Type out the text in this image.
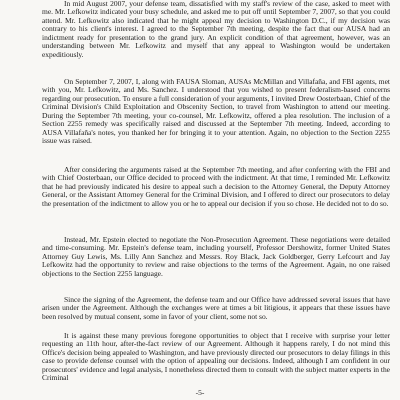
In mid August 2007, your defense team, dissatisfied with my staff's review of the case, asked to meet with me. Mr. Lefkowitz indicated your busy schedule, and asked me to put off until September 7, 2007, so that you could attend. Mr. Lefkowitz also indicated that he might appeal my decision to Washington D.C., if my decision was contrary to his client's interest. I agreed to the September 7th meeting, despite the fact that our AUSA had an indictment ready for presentation to the grand jury. An explicit condition of that agreement, however, was an understanding between Mr. Lefkowitz and myself that any appeal to Washington would be undertaken expeditiously.

On September 7, 2007, I, along with FAUSA Sloman, AUSAs McMillan and Villafaña, and FBI agents, met with you, Mr. Lefkowitz, and Ms. Sanchez. I understood that you wished to present federalism-based concerns regarding our prosecution. To ensure a full consideration of your arguments, I invited Drew Oosterbaan, Chief of the Criminal Division's Child Exploitation and Obscenity Section, to travel from Washington to attend our meeting. During the September 7th meeting, your co-counsel, Mr. Lefkowitz, offered a plea resolution. The inclusion of a Section 2255 remedy was specifically raised and discussed at the September 7th meeting. Indeed, according to AUSA Villafaña's notes, you thanked her for bringing it to your attention. Again, no objection to the Section 2255 issue was raised.

After considering the arguments raised at the September 7th meeting, and after conferring with the FBI and with Chief Oosterbaan, our Office decided to proceed with the indictment. At that time, I reminded Mr. Lefkowitz that he had previously indicated his desire to appeal such a decision to the Attorney General, the Deputy Attorney General, or the Assistant Attorney General for the Criminal Division, and I offered to direct our prosecutors to delay the presentation of the indictment to allow you or he to appeal our decision if you so chose. He decided not to do so.

Instead, Mr. Epstein elected to negotiate the Non-Prosecution Agreement. These negotiations were detailed and time-consuming. Mr. Epstein's defense team, including yourself, Professor Dershowitz, former United States Attorney Guy Lewis, Ms. Lilly Ann Sanchez and Messrs. Roy Black, Jack Goldberger, Gerry Lefcourt and Jay Lefkowitz had the opportunity to review and raise objections to the terms of the Agreement. Again, no one raised objections to the Section 2255 language.

Since the signing of the Agreement, the defense team and our Office have addressed several issues that have arisen under the Agreement. Although the exchanges were at times a bit litigious, it appears that these issues have been resolved by mutual consent, some in favor of your client, some not so.

It is against these many previous foregone opportunities to object that I receive with surprise your letter requesting an 11th hour, after-the-fact review of our Agreement. Although it happens rarely, I do not mind this Office's decision being appealed to Washington, and have previously directed our prosecutors to delay filings in this case to provide defense counsel with the option of appealing our decisions. Indeed, although I am confident in our prosecutors' evidence and legal analysis, I nonetheless directed them to consult with the subject matter experts in the Criminal

-5-
